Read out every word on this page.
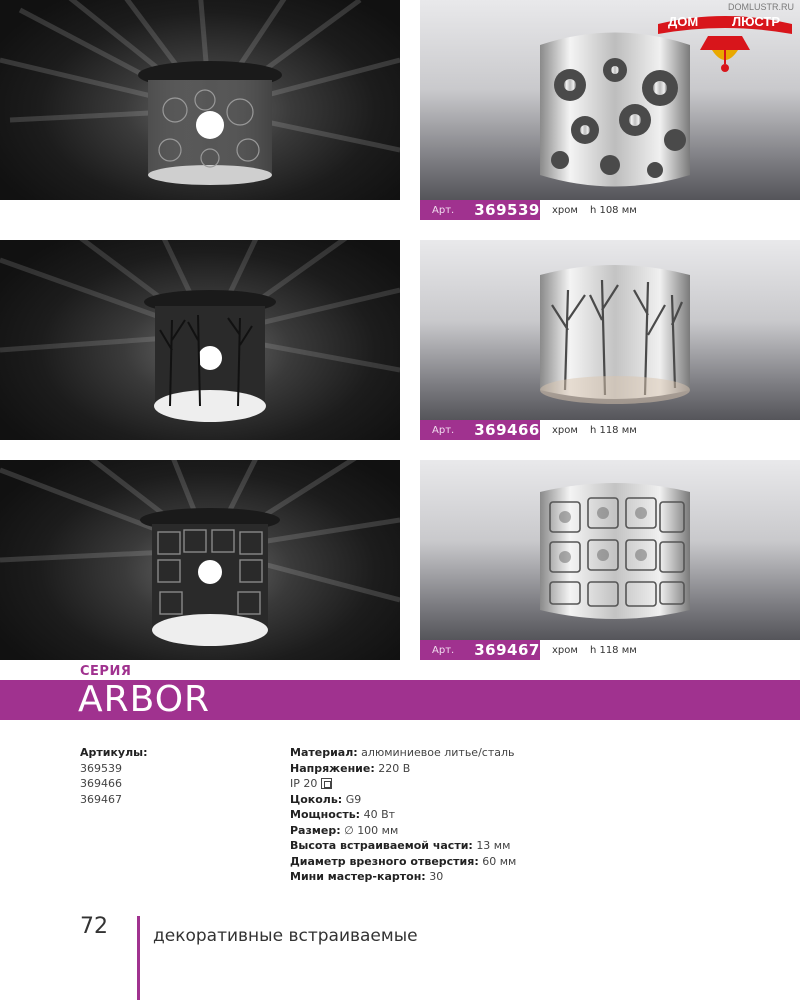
Арт. 369539 хром h 108 мм
Арт. 369466 хром h 118 мм
Арт. 369467 хром h 118 мм
DOMLUSTR.RU
ДОМ	ЛЮСТР
СЕРИЯ
ARBOR
Артикулы:
369539
369466
369467
Материал: алюминиевое литье/сталь
Напряжение: 220 В
IP 20
Цоколь: G9
Мощность: 40 Вт
Размер: ∅ 100 мм
Высота встраиваемой части: 13 мм
Диаметр врезного отверстия: 60 мм
Мини мастер-картон: 30
72	декоративные встраиваемые
